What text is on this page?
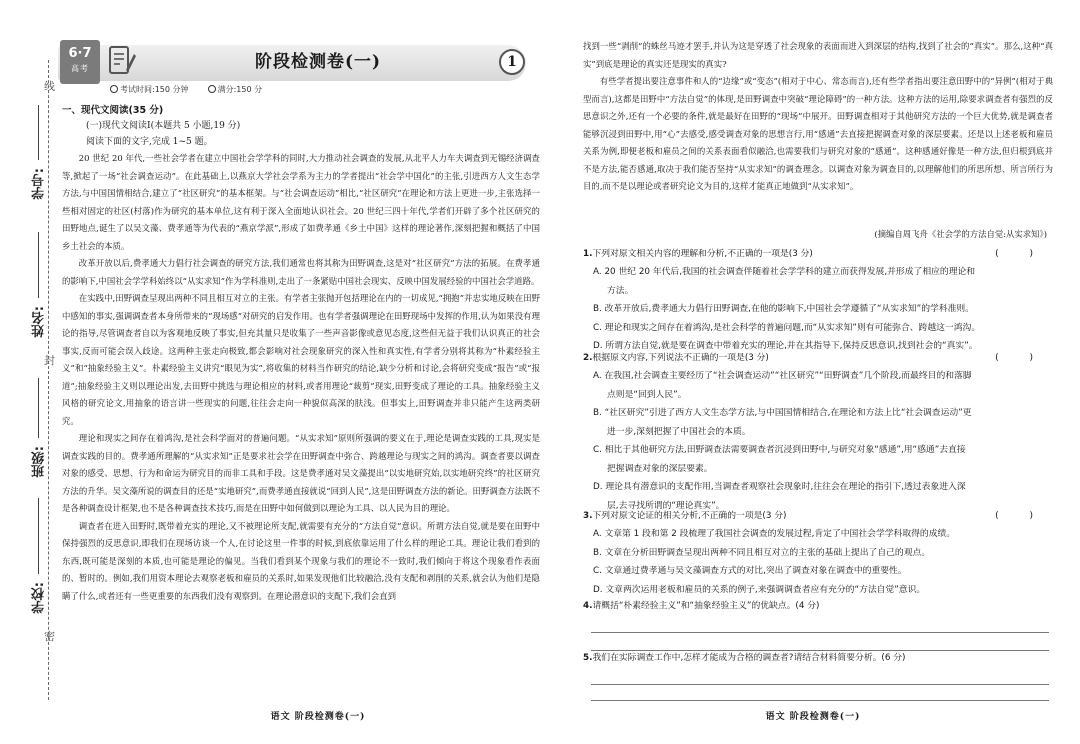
线
封
密
学号:
姓名:
班级:
学校:
6·7
高考	阶段检测卷(一)	1
考试时间:150 分钟	满分:150 分
一、现代文阅读(35 分)
(一)现代文阅读Ⅰ(本题共 5 小题,19 分)
阅读下面的文字,完成 1~5 题。

20 世纪 20 年代,一些社会学者在建立中国社会学学科的同时,大力推动社会调查的发展,从北平人力车夫调查到无锡经济调查等,掀起了一场“社会调查运动”。在此基础上,以燕京大学社会学系为主力的学者提出“社会学中国化”的主张,引进西方人文生态学方法,与中国国情相结合,建立了“社区研究”的基本框架。与“社会调查运动”相比,“社区研究”在理论和方法上更进一步,主张选择一些相对固定的社区(村落)作为研究的基本单位,这有利于深入全面地认识社会。20 世纪三四十年代,学者们开辟了多个社区研究的田野地点,诞生了以吴文藻、费孝通等为代表的“燕京学派”,形成了如费孝通《乡土中国》这样的理论著作,深刻把握和概括了中国乡土社会的本质。

改革开放以后,费孝通大力倡行社会调查的研究方法,我们通常也将其称为田野调查,这是对“社区研究”方法的拓展。在费孝通的影响下,中国社会学学科始终以“从实求知”作为学科准则,走出了一条紧贴中国社会现实、反映中国发展经验的中国社会学道路。

在实践中,田野调查呈现出两种不同且相互对立的主张。有学者主张抛开包括理论在内的一切成见,“拥抱”并忠实地反映在田野中感知的事实,强调调查者本身所带来的“现场感”对研究的启发作用。也有学者强调理论在田野现场中发挥的作用,认为如果没有理论的指导,尽管调查者自以为客观地反映了事实,但充其量只是收集了一些声音影像或意见态度,这些但无益于我们认识真正的社会事实,反而可能会误入歧途。这两种主张走向极致,都会影响对社会现象研究的深入性和真实性,有学者分别将其称为“朴素经验主义”和“抽象经验主义”。朴素经验主义讲究“眼见为实”,将收集的材料当作研究的结论,缺少分析和讨论,会将研究变成“报告”或“报道”;抽象经验主义则以理论出发,去田野中挑选与理论相应的材料,或者用理论“裁剪”现实,田野变成了理论的工具。抽象经验主义风格的研究论文,用抽象的语言讲一些现实的问题,往往会走向一种貌似高深的肤浅。但事实上,田野调查并非只能产生这两类研究。

理论和现实之间存在着鸿沟,是社会科学面对的普遍问题。“从实求知”原则所强调的要义在于,理论是调查实践的工具,现实是调查实践的目的。费孝通所理解的“从实求知”正是要求社会学在田野调查中弥合、跨越理论与现实之间的鸿沟。调查者要以调查对象的感受、思想、行为和命运为研究目的而非工具和手段。这是费孝通对吴文藻提出“以实地研究始,以实地研究终”的社区研究方法的升华。吴文藻所说的调查目的还是“实地研究”,而费孝通直接就说“回到人民”,这是田野调查方法的新论。田野调查方法既不是各种调查设计框架,也不是各种调查技术技巧,而是在田野中如何做到以理论为工具、以人民为目的理论。

调查者在进入田野时,既带着充实的理论,又不被理论所支配,就需要有充分的“方法自觉”意识。所谓方法自觉,就是要在田野中保持强烈的反思意识,即我们在现场访谈一个人,在讨论这里一件事的时候,到底依靠运用了什么样的理论工具。理论让我们看到的东西,既可能是深刻的本质,也可能是理论的偏见。当我们看到某个现象与我们的理论不一致时,我们倾向于将这个现象看作表面的、暂时的。例如,我们用资本理论去观察老板和雇员的关系时,如果发现他们比较融洽,没有支配和剥削的关系,就会认为他们是隐瞒了什么,或者还有一些更重要的东西我们没有观察到。在理论潜意识的支配下,我们会直到

语文 阶段检测卷(一)

找到一些“剥削”的蛛丝马迹才罢手,并认为这是穿透了社会现象的表面而进入到深层的结构,找到了社会的“真实”。那么,这种“真实”到底是理论的真实还是现实的真实?

有些学者提出要注意事件和人的“边缘”或“变态”(相对于中心、常态而言),还有些学者指出要注意田野中的“异例”(相对于典型而言),这都是田野中“方法自觉”的体现,是田野调查中突破“理论障碍”的一种方法。这种方法的运用,除要求调查者有强烈的反思意识之外,还有一个必要的条件,就是最好在田野的“现场”中展开。田野调查相对于其他研究方法的一个巨大优势,就是调查者能够沉浸到田野中,用“心”去感受,感受调查对象的思想言行,用“感通”去直接把握调查对象的深层要素。还是以上述老板和雇员关系为例,即便老板和雇员之间的关系表面看似融洽,也需要我们与研究对象的“感通”。这种感通好像是一种方法,但归根到底并不是方法,能否感通,取决于我们能否坚持“从实求知”的调查理念。以调查对象为调查目的,以理解他们的所思所想、所言所行为目的,而不是以理论或者研究论文为目的,这样才能真正地做到“从实求知”。

(摘编自周飞舟《社会学的方法自觉:从实求知》)
1.下列对原文相关内容的理解和分析,不正确的一项是(3 分)	( )
A. 20 世纪 20 年代后,我国的社会调查伴随着社会学学科的建立而获得发展,并形成了相应的理论和
方法。
B. 改革开放后,费孝通大力倡行田野调查,在他的影响下,中国社会学遵循了“从实求知”的学科准则。
C. 理论和现实之间存在着鸿沟,是社会科学的普遍问题,而“从实求知”则有可能弥合、跨越这一鸿沟。
D. 所谓方法自觉,就是要在调查中带着充实的理论,并在其指导下,保持反思意识,找到社会的“真实”。
2.根据原文内容,下列说法不正确的一项是(3 分)	( )
A. 在我国,社会调查主要经历了“社会调查运动”“社区研究”“田野调查”几个阶段,而最终目的和落脚
点则是“回到人民”。
B. “社区研究”引进了西方人文生态学方法,与中国国情相结合,在理论和方法上比“社会调查运动”更
进一步,深刻把握了中国社会的本质。
C. 相比于其他研究方法,田野调查法需要调查者沉浸到田野中,与研究对象“感通”,用“感通”去直接
把握调查对象的深层要素。
D. 理论具有潜意识的支配作用,当调查者观察社会现象时,往往会在理论的指引下,透过表象进入深
层,去寻找所谓的“理论真实”。
3.下列对原文论证的相关分析,不正确的一项是(3 分)	( )
A. 文章第 1 段和第 2 段梳理了我国社会调查的发展过程,肯定了中国社会学学科取得的成绩。
B. 文章在分析田野调查呈现出两种不同且相互对立的主张的基础上提出了自己的观点。
C. 文章通过费孝通与吴文藻调查方式的对比,突出了调查对象在调查中的重要性。
D. 文章两次运用老板和雇员的关系的例子,来强调调查者应有充分的“方法自觉”意识。
4.请概括“朴素经验主义”和“抽象经验主义”的优缺点。(4 分)
5.我们在实际调查工作中,怎样才能成为合格的调查者?请结合材料简要分析。(6 分)
语文 阶段检测卷(一)
